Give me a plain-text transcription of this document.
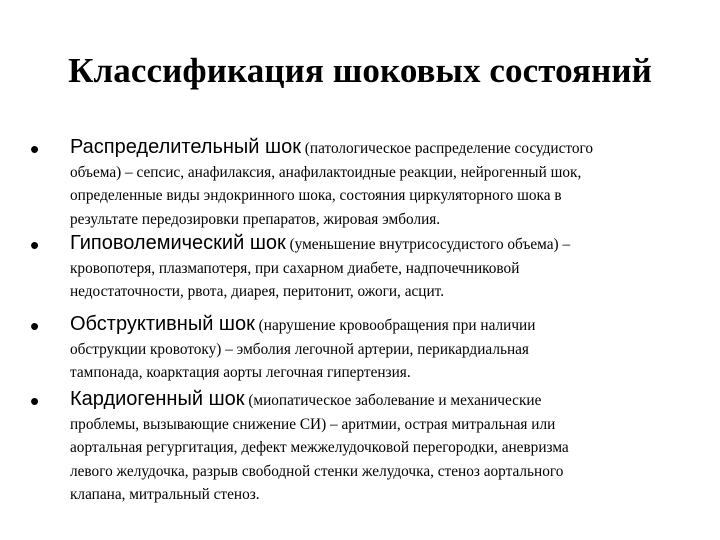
Классификация шоковых состояний
• Распределительный шок (патологическое распределение сосудистого
объема) – сепсис, анафилаксия, анафилактоидные реакции, нейрогенный шок,
определенные виды эндокринного шока, состояния циркуляторного шока в
результате передозировки препаратов, жировая эмболия.
• Гиповолемический шок (уменьшение внутрисосудистого объема) –
кровопотеря, плазмапотеря, при сахарном диабете, надпочечниковой
недостаточности, рвота, диарея, перитонит, ожоги, асцит.
• Обструктивный шок (нарушение кровообращения при наличии
обструкции кровотоку) – эмболия легочной артерии, перикардиальная
тампонада, коарктация аорты легочная гипертензия.
• Кардиогенный шок (миопатическое заболевание и механические
проблемы, вызывающие снижение СИ) – аритмии, острая митральная или
аортальная регургитация, дефект межжелудочковой перегородки, аневризма
левого желудочка, разрыв свободной стенки желудочка, стеноз аортального
клапана, митральный стеноз.
